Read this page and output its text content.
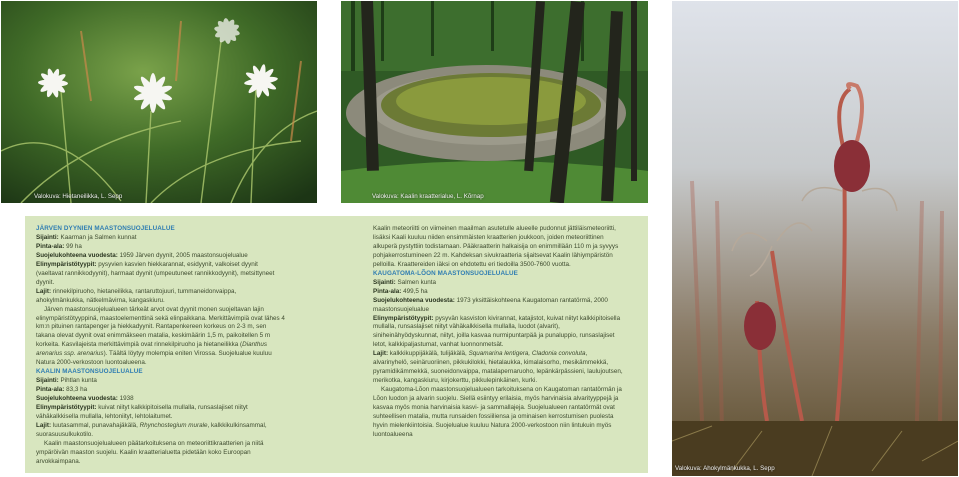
Valokuva: Hietaneilikka, L. Sepp	Valokuva: Kaalin kraatterialue, L. Kõrnap
Valokuva: Ahokylmänkukka, L. Sepp

JÄRVEN DYYNIEN MAASTONSUOJELUALUE

Sijainti: Kaarman ja Salmen kunnat

Pinta-ala: 99 ha

Suojelukohteena vuodesta: 1959 Järven dyynit, 2005 maastonsuojelualue

Elinympäristötyypit: pysyvien kasvien hiekkarannat, esidyynit, valkoiset dyynit (vaeltavat rannikkodyynit), harmaat dyynit (umpeutuneet rannikkodyynit), metsittyneet dyynit.

Lajit: rinnekilpiruoho, hietaneilikka, rantaruttojuuri, tummaneidonvaippa, ahokylmänkukka, nätkelmävirna, kangaskiuru.

Järven maastonsuojelualueen tärkeät arvot ovat dyynit monen suojeltavan lajin elinympäristötyyppinä, maastoelementtinä sekä elinpaikkana. Merkittävimpiä ovat lähes 4 km:n pituinen rantapenger ja hiekkadyynit. Rantapenkereen korkeus on 2-3 m, sen takana olevat dyynit ovat enimmäkseen matalia, keskimäärin 1,5 m, paikoitellen 5 m korkeita. Kasvilajeista merkittävimpiä ovat rinnekilpiruoho ja hietaneilikka (Dianthus arenarius ssp. arenarius). Täältä löytyy molempia eniten Virossa. Suojelualue kuuluu Natura 2000-verkostoon luontoalueena.

KAALIN MAASTONSUOJELUALUE

Sijainti: Pihtlan kunta

Pinta-ala: 83,3 ha

Suojelukohteena vuodesta: 1938

Elinympäristötyypit: kuivat niityt kalkkipitoisella mullalla, runsaslajiset niityt vähäkalkkisella mullalla, lehtoniityt, lehtolaitumet.

Lajit: luutasammal, punavahajäkälä, Rhynchostegium murale, kalkkikulkinsammal, suorasuusulkukotilo.

Kaalin maastonsuojelualueen päätarkoituksena on meteoriittikraatterien ja niitä ympäröivän maaston suojelu. Kaalin kraatterialuetta pidetään koko Euroopan arvokkaimpana.

Kaalin meteoriitti on viimeinen maailman asutetulle alueelle pudonnut jättiläismeteoriitti, lisäksi Kaali kuuluu niiden ensimmäisten kraatterien joukkoon, joiden meteoriittinen alkuperä pystyttiin todistamaan. Pääkraatterin halkaisija on enimmillään 110 m ja syvyys pohjakerrostumineen 22 m. Kahdeksan sivukraatteria sijaitsevat Kaalin lähiympäristön pelloilla. Kraattereiden iäksi on ehdotettu eri tiedoilla 3500-7600 vuotta.

KAUGATOMA-LÕON MAASTONSUOJELUALUE

Sijainti: Salmen kunta

Pinta-ala: 499,5 ha

Suojelukohteena vuodesta: 1973 yksittäiskohteena Kaugatoman rantatörmä, 2000 maastonsuojelualue

Elinympäristötyypit: pysyvän kasviston kivirannat, katajistot, kuivat niityt kalkkipitoisella mullalla, runsaslajiset niityt vähäkalkkisella mullalla, luodot (alvarit), siniheinähyödyskunnat, niityt, joilla kasvaa nurmipuntarpää ja punaluppio, runsaslajiset letot, kalkkipaljastumat, vanhat luonnonmetsät.

Lajit: kalkkikuppijäkälä, tulijäkälä, Squamarina lentigera, Cladonia convoluta, alvarinyhelö, seinäruoriinen, pikkukilokki, hietalaukka, kimalaisorho, mesikämmekkä, pyramidikämmekkä, suoneidonvaippa, matalapernaruoho, lepänkärpässieni, laulujoutsen, merikotka, kangaskiuru, kirjokerttu, pikkulepinkäinen, kurki.

Kaugatoma-Lõon maastonsuojelualueen tarkoituksena on Kaugatoman rantatörmän ja Lõon luodon ja alvarin suojelu. Siellä esiintyy erilaisia, myös harvinaisia alvarityyppejä ja kasvaa myös monia harvinaisia kasvi- ja sammallajeja. Suojelualueen rantatörmät ovat suhteellisen matalia, mutta runsaiden fossiiliensa ja ominaisen kerrostumisen puolesta hyvin mielenkiintoisia. Suojelualue kuuluu Natura 2000-verkostoon niin lintukuin myös luontoalueena
